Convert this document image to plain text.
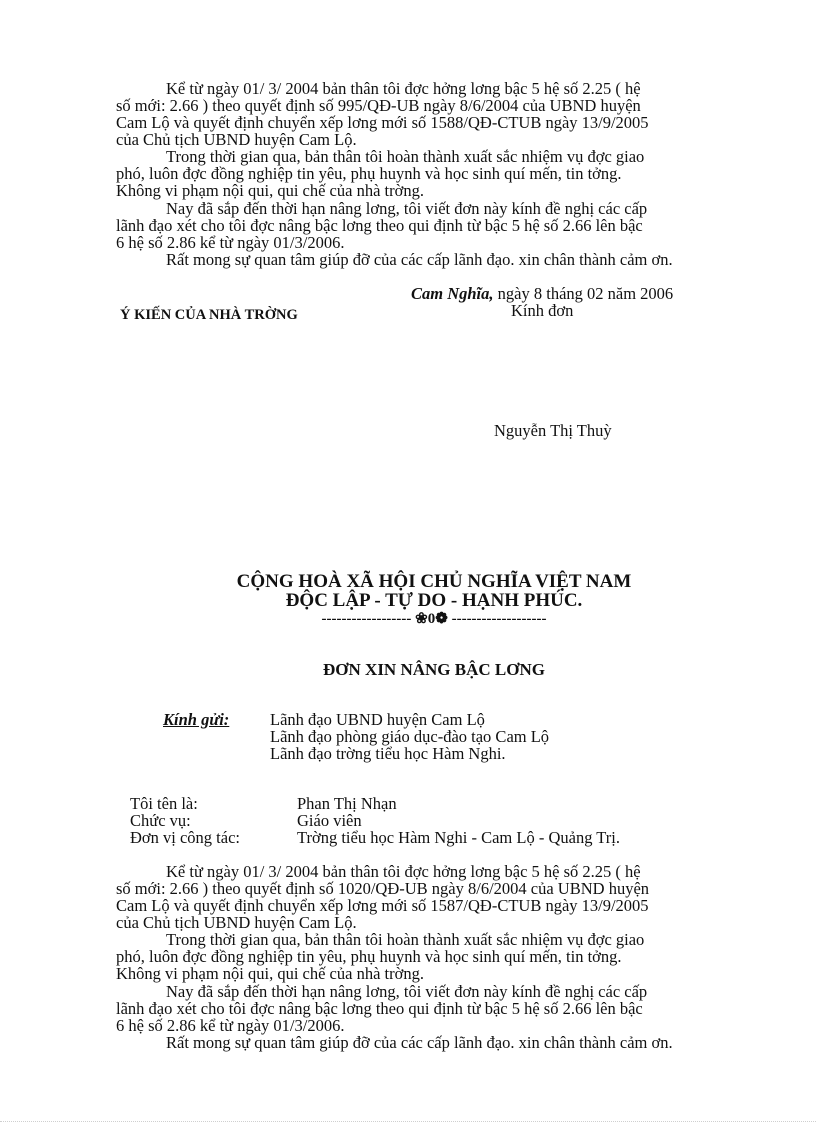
Kể từ ngày 01/ 3/ 2004 bản thân tôi đợc hởng lơng bậc 5 hệ số 2.25 ( hệ
số mới: 2.66 ) theo quyết định số 995/QĐ-UB ngày 8/6/2004 của UBND huyện
Cam Lộ và quyết định chuyển xếp lơng mới số 1588/QĐ-CTUB ngày 13/9/2005
của Chủ tịch UBND huyện Cam Lộ.

Trong thời gian qua, bản thân tôi hoàn thành xuất sắc nhiệm vụ đợc giao
phó, luôn đợc đồng nghiệp tin yêu, phụ huynh và học sinh quí mến, tin tởng.
Không vi phạm nội qui, qui chế của nhà trờng.

Nay đã sắp đến thời hạn nâng lơng, tôi viết đơn này kính đề nghị các cấp
lãnh đạo xét cho tôi đợc nâng bậc lơng theo qui định từ bậc 5 hệ số 2.66 lên bậc
6 hệ số 2.86 kể từ ngày 01/3/2006.

Rất mong sự quan tâm giúp đỡ của các cấp lãnh đạo. xin chân thành cảm ơn.

Cam Nghĩa, ngày 8 tháng 02 năm 2006
Ý KIẾN CỦA NHÀ TRỜNG	Kính đơn
Nguyễn Thị Thuỳ
CỘNG HOÀ XÃ HỘI CHỦ NGHĨA VIỆT NAM
ĐỘC LẬP - TỰ DO - HẠNH PHÚC.
------------------ ❀0❁ -------------------
ĐƠN XIN NÂNG BẬC LƠNG
Kính gửi: Lãnh đạo UBND huyện Cam Lộ
Lãnh đạo phòng giáo dục-đào tạo Cam Lộ
Lãnh đạo trờng tiểu học Hàm Nghi.
Tôi tên là:	Phan Thị Nhạn
Chức vụ:	Giáo viên
Đơn vị công tác:	Trờng tiểu học Hàm Nghi - Cam Lộ - Quảng Trị.

Kể từ ngày 01/ 3/ 2004 bản thân tôi đợc hởng lơng bậc 5 hệ số 2.25 ( hệ
số mới: 2.66 ) theo quyết định số 1020/QĐ-UB ngày 8/6/2004 của UBND huyện
Cam Lộ và quyết định chuyển xếp lơng mới số 1587/QĐ-CTUB ngày 13/9/2005
của Chủ tịch UBND huyện Cam Lộ.

Trong thời gian qua, bản thân tôi hoàn thành xuất sắc nhiệm vụ đợc giao
phó, luôn đợc đồng nghiệp tin yêu, phụ huynh và học sinh quí mến, tin tởng.
Không vi phạm nội qui, qui chế của nhà trờng.

Nay đã sắp đến thời hạn nâng lơng, tôi viết đơn này kính đề nghị các cấp
lãnh đạo xét cho tôi đợc nâng bậc lơng theo qui định từ bậc 5 hệ số 2.66 lên bậc
6 hệ số 2.86 kể từ ngày 01/3/2006.

Rất mong sự quan tâm giúp đỡ của các cấp lãnh đạo. xin chân thành cảm ơn.
